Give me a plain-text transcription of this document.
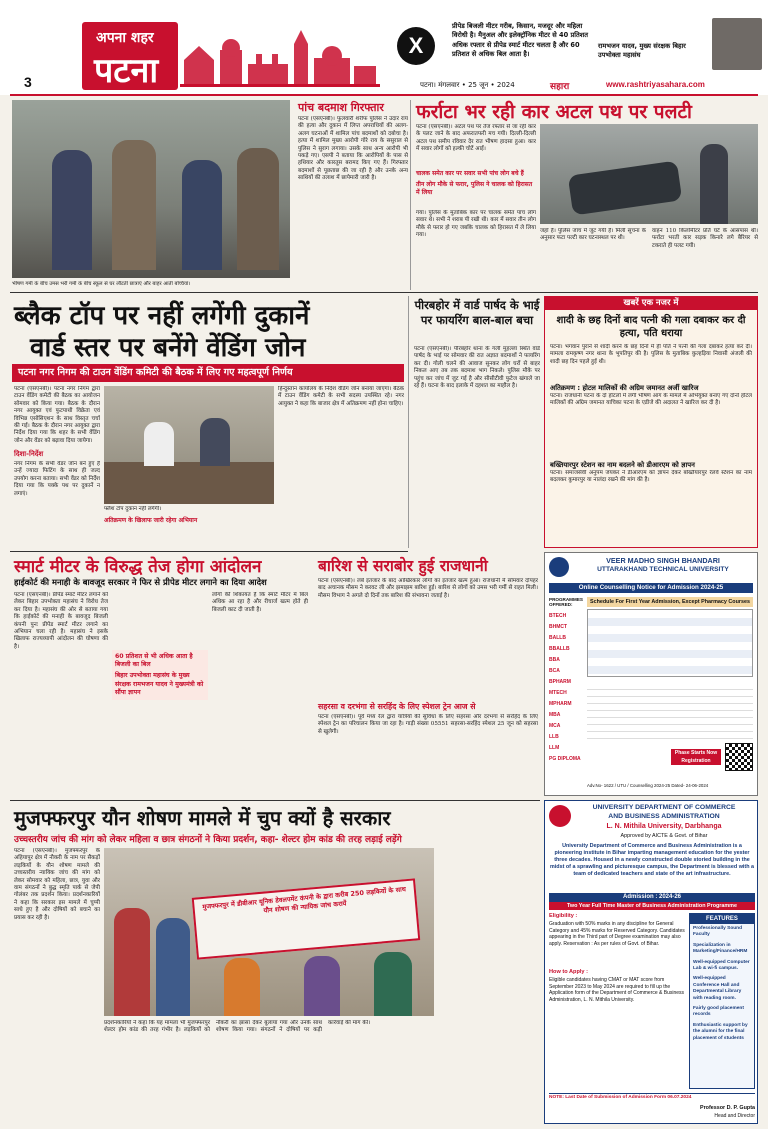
3
अपना शहर
पटना
X
प्रीपेड बिजली मीटर गरीब, किसान, मजदूर और महिला विरोधी है। मैनुअल और इलेक्ट्रॉनिक मीटर से 40 प्रतिशत अधिक रफ्तार से प्रीपेड स्मार्ट मीटर चलता है और 60 प्रतिशत से अधिक बिल आता है।
रामभजन यादव, मुख्य संरक्षक बिहार उपभोक्ता महासंघ
पटना। मंगलवार • 25 जून • 2024	सहारा	www.rashtriyasahara.com
भीषण गर्मी के बीच उमस भरी गर्मी के बीच स्कूल से घर लौटती छात्राएं और बाहर आती बच्चियां।
पांच बदमाश गिरफ्तार
पटना (एसएनबी)। फुलवारी शरीफ पुलिस ने उदार राय की हत्या और दुकान में लिप्त अपराधियों की अलग-अलग घटनाओं में शामिल पांच बदमाशों को दबोचा है। हत्या में शामिल मुख्य आरोपी गोरे राय के ससुराल से पुलिस ने सुराग लगाया। उसके साथ अन्य आरोपी भी पकड़े गए। एसपी ने बताया कि आरोपियों के पास से हथियार और कारतूस बरामद किए गए हैं। गिरफ्तार बदमाशों से पूछताछ की जा रही है और उनके अन्य साथियों की तलाश में छापेमारी जारी है।
फर्राटा भर रही कार अटल पथ पर पलटी
पटना (एसएनबी)। अटल पथ पर तेज रफ्तार से जा रही कार के पलट जाने के बाद अफरातफरी मच गयी। दिल्ली-दिल्ली अटल पथ समीप रविवार देर रात भीषण हादसा हुआ। कार में सवार लोगों को हल्की चोटें आईं।
चालक समेत कार पर सवार सभी पांच लोग बचे हैं
तीन लोग मौके से फरार, पुलिस ने चालक को हिरासत में लिया
गया। पुलिस के मुताबिक कार पर चालक समेत पांच लोग सवार थे। सभी ने शराब पी रखी थी। कार में सवार तीन लोग मौके से फरार हो गए जबकि चालक को हिरासत में ले लिया गया।
जहाँ है। पुलिस जांच में जुट गयी है। मिली सूचना के अनुसार फटा पल्टी कार घटनास्थल पर थी।
वाहन 110 किलोमीटर प्रति घंटे के आसपास थी। फर्राटा भरती कार सड़क किनारे लगे बैरियर से टकराते ही पलट गयी।
ब्लैक टॉप पर नहीं लगेंगी दुकानें
वार्ड स्तर पर बनेंगे वेंडिंग जोन
पटना नगर निगम की टाउन वेंडिंग कमिटी की बैठक में लिए गए महत्वपूर्ण निर्णय
पटना (एसएनबी)। पटना नगर निगम द्वारा टाउन वेंडिंग कमेटी की बैठक का आयोजन सोमवार को किया गया। बैठक के दौरान नगर आयुक्त एवं फुटपाथी विक्रेता एवं विभिन्न एसोसिएशन के साथ विस्तृत चर्चा की गई। बैठक के दौरान नगर आयुक्त द्वारा निर्देश दिया गया कि शहर के सभी वेंडिंग जोन और वेंडर को बढ़ावा दिया जायेगा।
दिशा-निर्देश
नगर निगम के सभी वेंडर जोन बने हुए हैं उन्हें ज्यादा फिटिंग के साथ ही जल्द उपयोग करना बताया। सभी वेंडर को निर्देश दिया गया कि पक्के पथ पर दुकानें न लगाएं।
फ्लैश टॉप दुकान नहीं लगेगी।
अतिक्रमण के खिलाफ जारी रहेगा अभियान
हिन्दुस्तान कार्यालय के निर्देश वेंडिंग जोन बनाया जाएगा। बैठक में टाउन वेंडिंग कमेटी के सभी सदस्य उपस्थित रहे। नगर आयुक्त ने कहा कि बाजार क्षेत्र में अतिक्रमण नहीं होना चाहिए।
पीरबहोर में वार्ड पार्षद के भाई पर फायरिंग बाल-बाल बचा
पटना (एसएनबी)। पीरबहोर थाना के गली मुहल्ला स्थित वार्ड पार्षद के भाई पर सोमवार की रात अज्ञात बदमाशों ने फायरिंग कर दी। गोली चलने की आवाज सुनकर लोग घरों से बाहर निकल आए तब तक बदमाश भाग निकले। पुलिस मौके पर पहुंच कर जांच में जुट गई है और सीसीटीवी फुटेज खंगाले जा रहे हैं। घटना के बाद इलाके में दहशत का माहौल है।
खबरें एक नजर में
शादी के छह दिनों बाद पत्नी की गला दबाकर कर दी हत्या, पति धराया
पटना। भगवान पुराने से शादी करने के छह दिनों में ही पति ने पत्नी की गला दबाकर हत्या कर दी। मामला रामकृष्ण नगर थाना के भूपतिपुर की है। पुलिस के मुताबिक कुल्हड़िया निवासी अंजली की शादी छह दिन पहले हुई थी।
अतिक्रमण : होटल मालिकों की अग्रिम जमानत अर्जी खारिज
पटना। राजधानी पटना के दो होटलों में लगी भीषण आग के मामले में अभियुक्त बनाए गए दोनों होटल मालिकों की अग्रिम जमानत याचिका पटना के एडीजे की अदालत ने खारिज कर दी है।
बख्तियारपुर स्टेशन का नाम बदलने को डीआरएम को ज्ञापन
पटना। समाजसेवी अनुपम जयकर ने डीआरएम को ज्ञापन देकर बख्तियारपुर रेलवे स्टेशन का नाम बदलकर कुमारपुर या नालंदा रखने की मांग की है।
स्मार्ट मीटर के विरुद्ध तेज होगा आंदोलन
हाईकोर्ट की मनाही के बावजूद सरकार ने फिर से प्रीपेड मीटर लगाने का दिया आदेश
पटना (एसएनबी)। प्रीपेड स्मार्ट मीटर लगाने को लेकर बिहार उपभोक्ता महासंघ ने विरोध तेज कर दिया है। महासंघ की ओर से बताया गया कि हाईकोर्ट की मनाही के बावजूद बिजली कंपनी पुनः प्रीपेड स्मार्ट मीटर लगाने का अभियान चला रही है। महासंघ ने इसके खिलाफ राज्यव्यापी आंदोलन की घोषणा की है।
60 प्रतिशत से भी अधिक आता है बिजली का बिल
बिहार उपभोक्ता महासंघ के मुख्य संरक्षक रामभजन यादव ने मुख्यमंत्री को सौंपा ज्ञापन
लोगों की शिकायत है कि स्मार्ट मीटर में बिल अधिक आ रहा है और रीचार्ज खत्म होते ही बिजली काट दी जाती है।
बारिश से सराबोर हुई राजधानी
पटना (एसएनबी)। लंबे इंतजार के बाद आखिरकार लोगों का इंतजार खत्म हुआ। राजधानी में सोमवार दोपहर बाद अचानक मौसम ने करवट ली और झमाझम बारिश हुई। बारिश से लोगों को उमस भरी गर्मी से राहत मिली। मौसम विभाग ने अगले दो दिनों तक बारिश की संभावना जताई है।
सहरसा व दरभंगा से सरहिंद के लिए स्पेशल ट्रेन आज से
पटना (एसएनबी)। पूर्व मध्य रेल द्वारा यात्रियों की सुविधा के लिए सहरसा और दरभंगा से सरहिंद के लिए स्पेशल ट्रेन का परिचालन किया जा रहा है। गाड़ी संख्या 05551 सहरसा-सरहिंद स्पेशल 25 जून को सहरसा से खुलेगी।
VEER MADHO SINGH BHANDARI
UTTARAKHAND TECHNICAL UNIVERSITY
Online Counselling Notice for Admission 2024-25
PROGRAMMES OFFERED:
BTECH
BHMCT
BALLB
BBALLB
BBA
BCA
BPHARM
MTECH
MPHARM
MBA
MCA
LLB
LLM
PG DIPLOMA
Schedule For First Year Admission, Except Pharmacy Courses
Phase Starts Now Registration
Adv.No- 1622 / UTU / Counselling 2024-25 Dated- 24-06-2024
मुजफ्फरपुर यौन शोषण मामले में चुप क्यों है सरकार
उच्चस्तरीय जांच की मांग को लेकर महिला व छात्र संगठनों ने किया प्रदर्शन, कहा- शेल्टर होम कांड की तरह लड़ाई लड़ेंगे
पटना (एसएनबी)। मुजफ्फरपुर के अहियापुर क्षेत्र में नौकरी के नाम पर सैकड़ों लड़कियों के यौन शोषण मामले की उच्चस्तरीय न्यायिक जांच की मांग को लेकर सोमवार को महिला, छात्र, युवा और वाम संगठनों ने बुद्ध स्मृति पार्क से जेपी गोलंबर तक प्रदर्शन किया। प्रदर्शनकारियों ने कहा कि सरकार इस मामले में चुप्पी साधे हुए है और दोषियों को बचाने का प्रयास कर रही है।
मुजफ्फरपुर में डीबीआर यूनिक डेवलपमेंट कंपनी के द्वारा करीब 250 लड़कियों के साथ यौन शोषण की न्यायिक जांच करायें
प्रदर्शनकारियों ने कहा कि यह मामला भी मुजफ्फरपुर शेल्टर होम कांड की तरह गंभीर है। लड़कियों को नौकरी का झांसा देकर बुलाया गया और उनके साथ शोषण किया गया। संगठनों ने दोषियों पर कड़ी कार्रवाई की मांग की।
UNIVERSITY DEPARTMENT OF COMMERCE
AND BUSINESS ADMINISTRATION
L. N. Mithila University, Darbhanga
Approved by AICTE & Govt. of Bihar
University Department of Commerce and Business Administration is a pioneering institute in Bihar imparting management education for the yester three decades. Housed in a newly constructed double storied building in the midst of a sprawling and picturesque campus, the Department is blessed with a team of dedicated teachers and state of the art infrastructure.
Admission : 2024-26
Two Year Full Time Master of Business Administration Programme
Eligibility :
Graduation with 50% marks in any discipline for General Category and 45% marks for Reserved Category. Candidates appearing in the Third part of Degree examination may also apply. Reservation : As per rules of Govt. of Bihar.
How to Apply :
Eligible candidates having CMAT or MAT score from September 2023 to May 2024 are required to fill up the Application form of the Department of Commerce & Business Administration, L. N. Mithila University.
FEATURES
Professionally Sound Faculty
Specialization in Marketing/Finance/HRM
Well-equipped Computer Lab & wi-fi campus.
Well-equipped Conference Hall and Departmental Library with reading room.
Fairly good placement records
Enthusiastic support by the alumni for the final placement of students
NOTE: Last Date of Submission of Admission Form 06.07.2024
Professor D. P. Gupta
Head and Director
